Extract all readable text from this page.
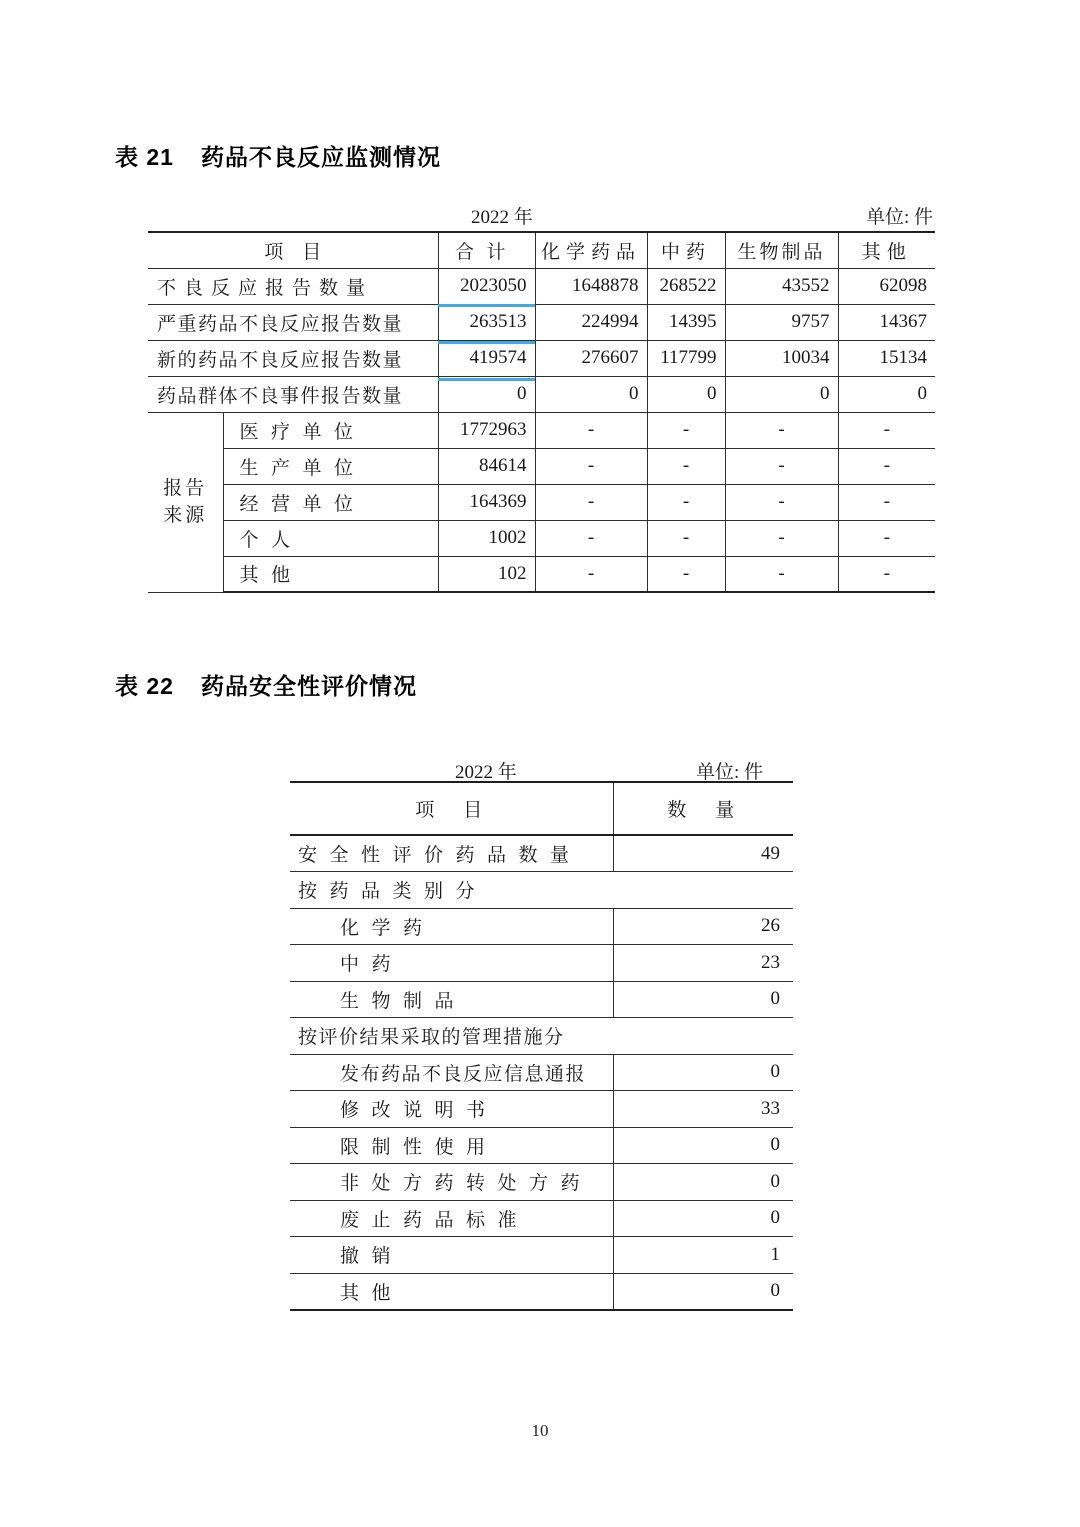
表 21 药品不良反应监测情况
2022 年	单位: 件
项　目		合计	化学药品	中药	生物制品	其他
不良反应报告数量		2023050	1648878	268522	43552	62098
严重药品不良反应报告数量		263513	224994	14395	9757	14367
新的药品不良反应报告数量		419574	276607	117799	10034	15134
药品群体不良事件报告数量		0	0	0	0	0
报告
来源	医疗单位	1772963	-	-	-	-
	生产单位	84614	-	-	-	-
	经营单位	164369	-	-	-	-
	个人	1002	-	-	-	-
	其他	102	-	-	-	-
表 22 药品安全性评价情况
2022 年	单位: 件
项　目	数　量
安全性评价药品数量	49
按药品类别分	
化学药	26
中药	23
生物制品	0
按评价结果采取的管理措施分	
发布药品不良反应信息通报	0
修改说明书	33
限制性使用	0
非处方药转处方药	0
废止药品标准	0
撤销	1
其他	0
10
